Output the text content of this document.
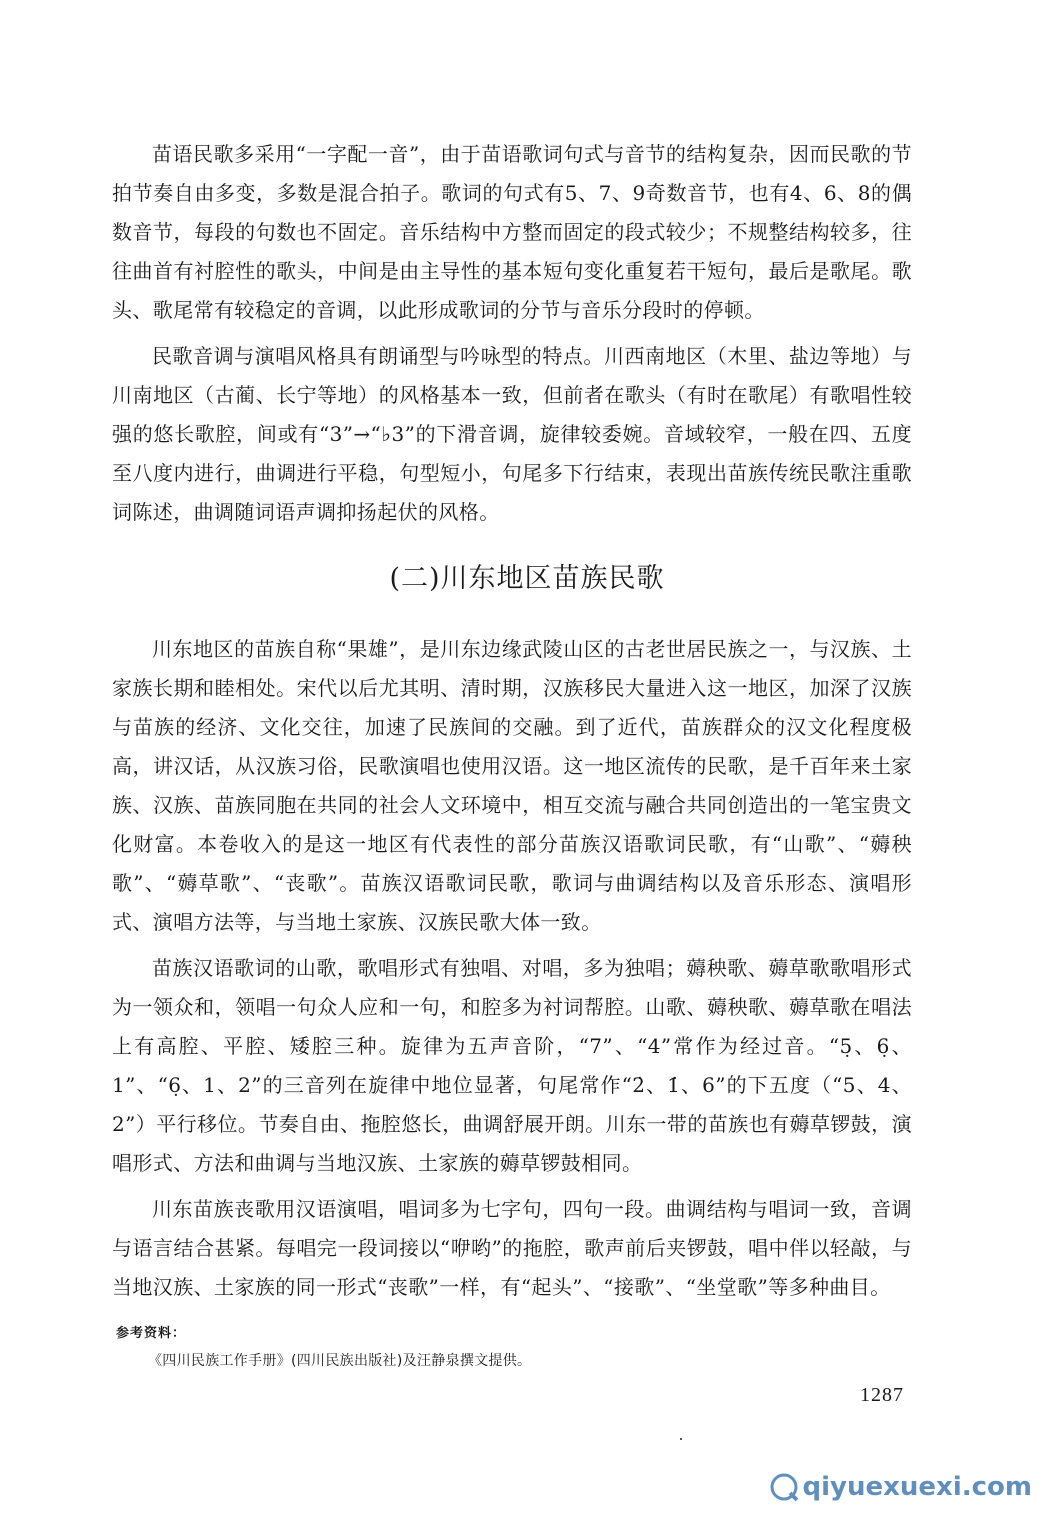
苗语民歌多采用“一字配一音”，由于苗语歌词句式与音节的结构复杂，因而民歌的节拍节奏自由多变，多数是混合拍子。歌词的句式有5、7、9奇数音节，也有4、6、8的偶数音节，每段的句数也不固定。音乐结构中方整而固定的段式较少；不规整结构较多，往往曲首有衬腔性的歌头，中间是由主导性的基本短句变化重复若干短句，最后是歌尾。歌头、歌尾常有较稳定的音调，以此形成歌词的分节与音乐分段时的停顿。

民歌音调与演唱风格具有朗诵型与吟咏型的特点。川西南地区（木里、盐边等地）与川南地区（古蔺、长宁等地）的风格基本一致，但前者在歌头（有时在歌尾）有歌唱性较强的悠长歌腔，间或有“3”→“♭3”的下滑音调，旋律较委婉。音域较窄，一般在四、五度至八度内进行，曲调进行平稳，句型短小，句尾多下行结束，表现出苗族传统民歌注重歌词陈述，曲调随词语声调抑扬起伏的风格。

(二)川东地区苗族民歌

川东地区的苗族自称“果雄”，是川东边缘武陵山区的古老世居民族之一，与汉族、土家族长期和睦相处。宋代以后尤其明、清时期，汉族移民大量进入这一地区，加深了汉族与苗族的经济、文化交往，加速了民族间的交融。到了近代，苗族群众的汉文化程度极高，讲汉话，从汉族习俗，民歌演唱也使用汉语。这一地区流传的民歌，是千百年来土家族、汉族、苗族同胞在共同的社会人文环境中，相互交流与融合共同创造出的一笔宝贵文化财富。本卷收入的是这一地区有代表性的部分苗族汉语歌词民歌，有“山歌”、“薅秧歌”、“薅草歌”、“丧歌”。苗族汉语歌词民歌，歌词与曲调结构以及音乐形态、演唱形式、演唱方法等，与当地土家族、汉族民歌大体一致。

苗族汉语歌词的山歌，歌唱形式有独唱、对唱，多为独唱；薅秧歌、薅草歌歌唱形式为一领众和，领唱一句众人应和一句，和腔多为衬词帮腔。山歌、薅秧歌、薅草歌在唱法上有高腔、平腔、矮腔三种。旋律为五声音阶，“7”、“4”常作为经过音。“5̣、6̣、1”、“6̣、1、2”的三音列在旋律中地位显著，句尾常作“2̇、1̇、6”的下五度（“5、4、2”）平行移位。节奏自由、拖腔悠长，曲调舒展开朗。川东一带的苗族也有薅草锣鼓，演唱形式、方法和曲调与当地汉族、土家族的薅草锣鼓相同。

川东苗族丧歌用汉语演唱，唱词多为七字句，四句一段。曲调结构与唱词一致，音调与语言结合甚紧。每唱完一段词接以“咿哟”的拖腔，歌声前后夹锣鼓，唱中伴以轻敲，与当地汉族、土家族的同一形式“丧歌”一样，有“起头”、“接歌”、“坐堂歌”等多种曲目。

参考资料：
《四川民族工作手册》(四川民族出版社)及汪静泉撰文提供。
1287
qiyuexuexi.com
